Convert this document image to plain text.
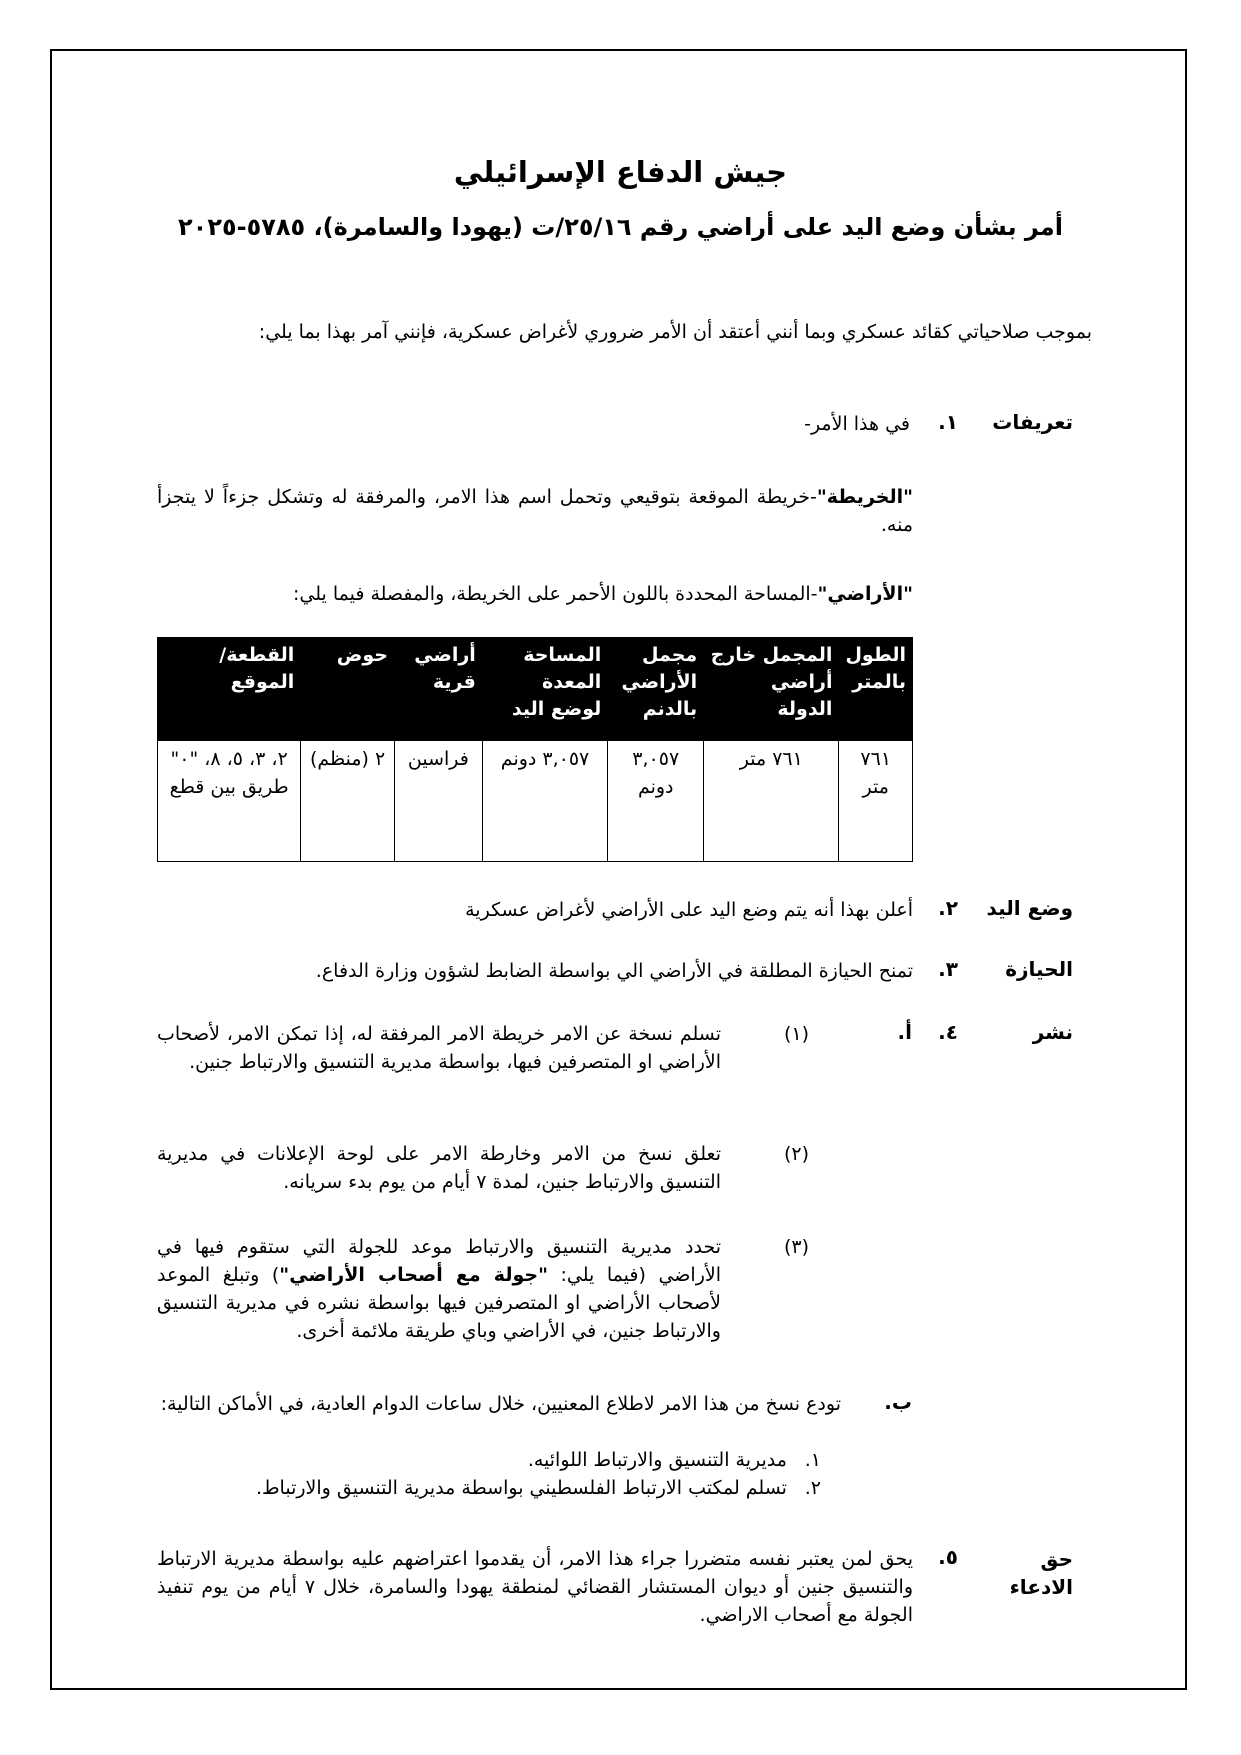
جيش الدفاع الإسرائيلي
أمر بشأن وضع اليد على أراضي رقم ٢٥/١٦/ت (يهودا والسامرة)، ٥٧٨٥-٢٠٢٥
بموجب صلاحياتي كقائد عسكري وبما أنني أعتقد أن الأمر ضروري لأغراض عسكرية، فإنني آمر بهذا بما يلي:
تعريفات
١.
في هذا الأمر-
"الخريطة"-خريطة الموقعة بتوقيعي وتحمل اسم هذا الامر، والمرفقة له وتشكل جزءاً لا يتجزأ منه.
"الأراضي"-المساحة المحددة باللون الأحمر على الخريطة، والمفصلة فيما يلي:
الطول بالمتر	المجمل خارج أراضي الدولة	مجمل الأراضي بالدنم	المساحة المعدة لوضع اليد	أراضي قرية	حوض	القطعة/الموقع
٧٦١ متر	٧٦١ متر	٣,٠٥٧ دونم	٣,٠٥٧ دونم	فراسين	٢ (منظم)	٢، ٣، ٥، ٨، "٠" طريق بين قطع
وضع اليد
٢.
أعلن بهذا أنه يتم وضع اليد على الأراضي لأغراض عسكرية
الحيازة
٣.
تمنح الحيازة المطلقة في الأراضي الي بواسطة الضابط لشؤون وزارة الدفاع.
نشر
٤.
أ.
(١)
تسلم نسخة عن الامر خريطة الامر المرفقة له، إذا تمكن الامر، لأصحاب الأراضي او المتصرفين فيها، بواسطة مديرية التنسيق والارتباط جنين.
(٢)
تعلق نسخ من الامر وخارطة الامر على لوحة الإعلانات في مديرية التنسيق والارتباط جنين، لمدة ٧ أيام من يوم بدء سريانه.
(٣)
تحدد مديرية التنسيق والارتباط موعد للجولة التي ستقوم فيها في الأراضي (فيما يلي: "جولة مع أصحاب الأراضي") وتبلغ الموعد لأصحاب الأراضي او المتصرفين فيها بواسطة نشره في مديرية التنسيق والارتباط جنين، في الأراضي وباي طريقة ملائمة أخرى.
ب.
تودع نسخ من هذا الامر لاطلاع المعنيين، خلال ساعات الدوام العادية، في الأماكن التالية:
١. مديرية التنسيق والارتباط اللوائيه.
٢. تسلم لمكتب الارتباط الفلسطيني بواسطة مديرية التنسيق والارتباط.
حق
الادعاء
٥.
يحق لمن يعتبر نفسه متضررا جراء هذا الامر، أن يقدموا اعتراضهم عليه بواسطة مديرية الارتباط والتنسيق جنين أو ديوان المستشار القضائي لمنطقة يهودا والسامرة، خلال ٧ أيام من يوم تنفيذ الجولة مع أصحاب الاراضي.
